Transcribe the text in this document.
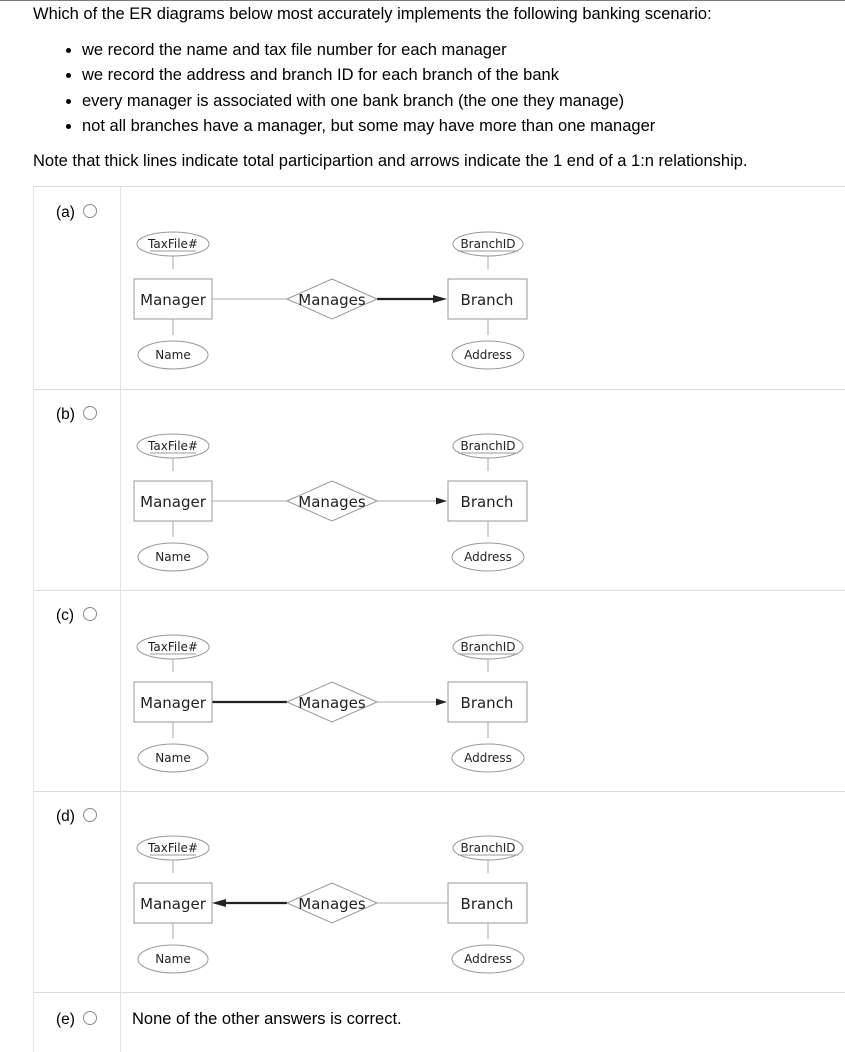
Which of the ER diagrams below most accurately implements the following banking scenario:
we record the name and tax file number for each manager
we record the address and branch ID for each branch of the bank
every manager is associated with one bank branch (the one they manage)
not all branches have a manager, but some may have more than one manager
Note that thick lines indicate total participartion and arrows indicate the 1 end of a 1:n relationship.
(a)
TaxFile#
Manager
Name
Manages
BranchID
Branch
Address
(b)
TaxFile#
Manager
Name
Manages
BranchID
Branch
Address
(c)
TaxFile#
Manager
Name
Manages
BranchID
Branch
Address
(d)
TaxFile#
Manager
Name
Manages
BranchID
Branch
Address
(e)	None of the other answers is correct.
